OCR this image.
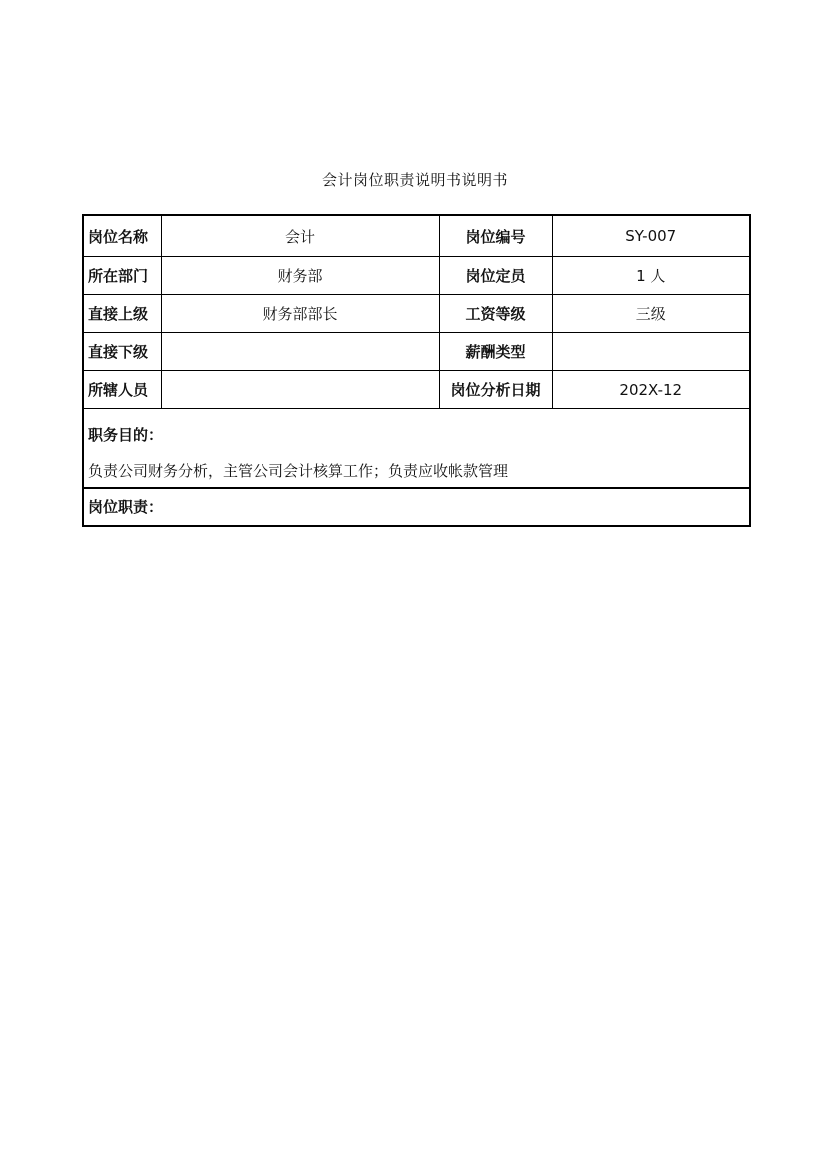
会计岗位职责说明书说明书
岗位名称	会计	岗位编号	SY-007
所在部门	财务部	岗位定员	1 人
直接上级	财务部部长	工资等级	三级
直接下级		薪酬类型	
所辖人员		岗位分析日期	202X-12

职务目的：
负责公司财务分析，主管公司会计核算工作；负责应收帐款管理			

岗位职责：			
